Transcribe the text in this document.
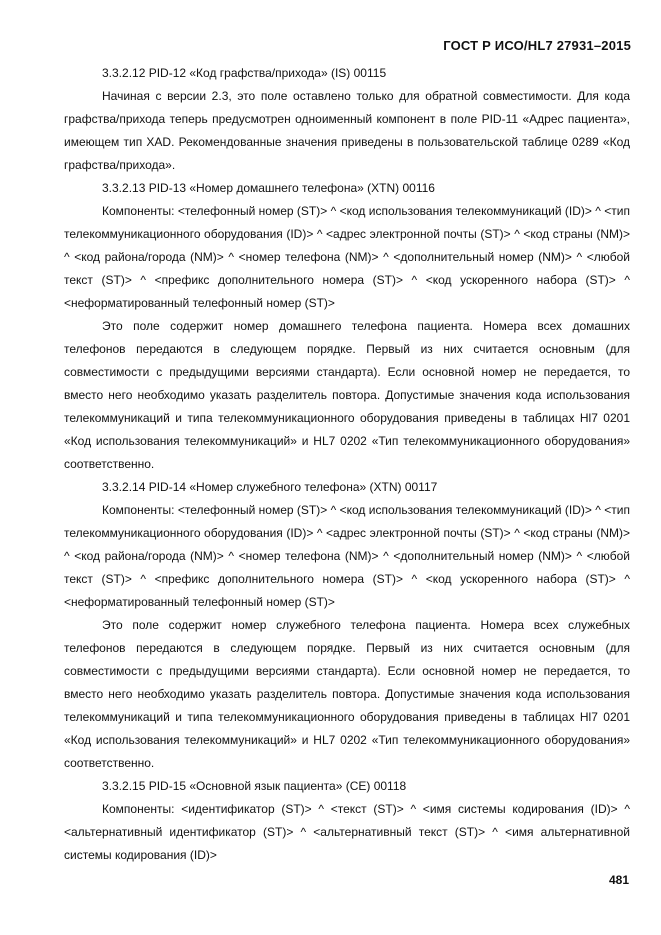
ГОСТ Р ИСО/HL7 27931–2015

3.3.2.12 PID-12 «Код графства/прихода» (IS) 00115

Начиная с версии 2.3, это поле оставлено только для обратной совместимости. Для кода графства/прихода теперь предусмотрен одноименный компонент в поле PID-11 «Адрес пациента», имеющем тип XAD. Рекомендованные значения приведены в пользовательской таблице 0289 «Код графства/прихода».

3.3.2.13 PID-13 «Номер домашнего телефона» (XTN) 00116

Компоненты: <телефонный номер (ST)> ^ <код использования телекоммуникаций (ID)> ^ <тип телекоммуникационного оборудования (ID)> ^ <адрес электронной почты (ST)> ^ <код страны (NM)> ^ <код района/города (NM)> ^ <номер телефона (NM)> ^ <дополнительный номер (NM)> ^ <любой текст (ST)> ^ <префикс дополнительного номера (ST)> ^ <код ускоренного набора (ST)> ^ <неформатированный телефонный номер (ST)>

Это поле содержит номер домашнего телефона пациента. Номера всех домашних телефонов передаются в следующем порядке. Первый из них считается основным (для совместимости с предыдущими версиями стандарта). Если основной номер не передается, то вместо него необходимо указать разделитель повтора. Допустимые значения кода использования телекоммуникаций и типа телекоммуникационного оборудования приведены в таблицах Hl7 0201 «Код использования телекоммуникаций» и HL7 0202 «Тип телекоммуникационного оборудования» соответственно.

3.3.2.14 PID-14 «Номер служебного телефона» (XTN) 00117

Компоненты: <телефонный номер (ST)> ^ <код использования телекоммуникаций (ID)> ^ <тип телекоммуникационного оборудования (ID)> ^ <адрес электронной почты (ST)> ^ <код страны (NM)> ^ <код района/города (NM)> ^ <номер телефона (NM)> ^ <дополнительный номер (NM)> ^ <любой текст (ST)> ^ <префикс дополнительного номера (ST)> ^ <код ускоренного набора (ST)> ^ <неформатированный телефонный номер (ST)>

Это поле содержит номер служебного телефона пациента. Номера всех служебных телефонов передаются в следующем порядке. Первый из них считается основным (для совместимости с предыдущими версиями стандарта). Если основной номер не передается, то вместо него необходимо указать разделитель повтора. Допустимые значения кода использования телекоммуникаций и типа телекоммуникационного оборудования приведены в таблицах Hl7 0201 «Код использования телекоммуникаций» и HL7 0202 «Тип телекоммуникационного оборудования» соответственно.

3.3.2.15 PID-15 «Основной язык пациента» (CE) 00118

Компоненты: <идентификатор (ST)> ^ <текст (ST)> ^ <имя системы кодирования (ID)> ^ <альтернативный идентификатор (ST)> ^ <альтернативный текст (ST)> ^ <имя альтернативной системы кодирования (ID)>

481
